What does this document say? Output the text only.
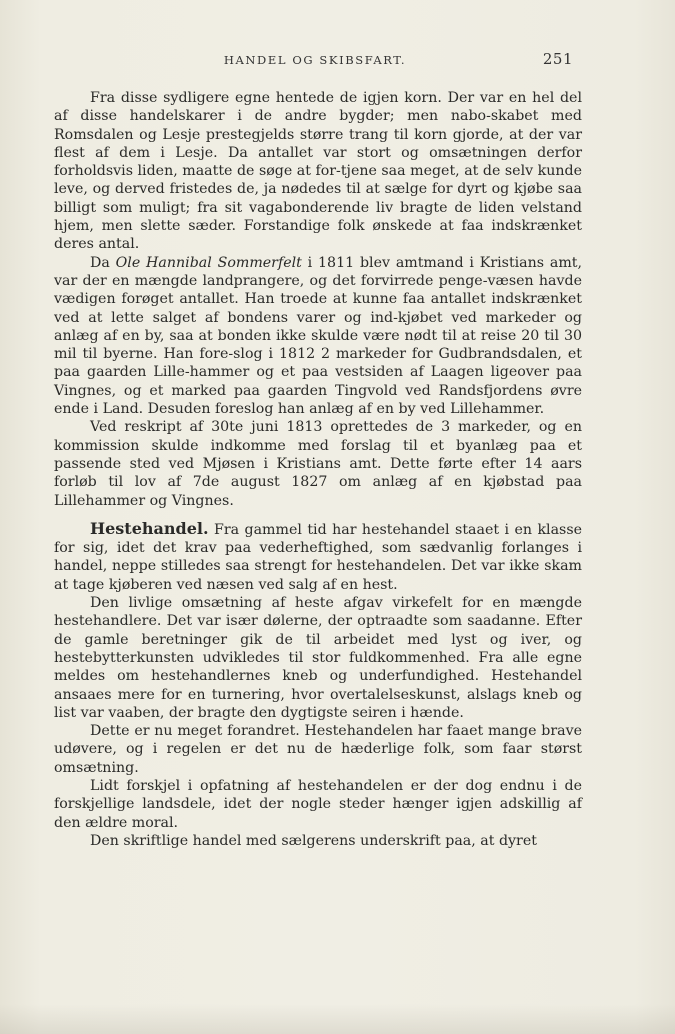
HANDEL OG SKIBSFART.	251

Fra disse sydligere egne hentede de igjen korn. Der var en hel del af disse handelskarer i de andre bygder; men nabo-skabet med Romsdalen og Lesje prestegjelds større trang til korn gjorde, at der var flest af dem i Lesje. Da antallet var stort og omsætningen derfor forholdsvis liden, maatte de søge at for-tjene saa meget, at de selv kunde leve, og derved fristedes de, ja nødedes til at sælge for dyrt og kjøbe saa billigt som muligt; fra sit vagabonderende liv bragte de liden velstand hjem, men slette sæder. Forstandige folk ønskede at faa indskrænket deres antal.

Da Ole Hannibal Sommerfelt i 1811 blev amtmand i Kristians amt, var der en mængde landprangere, og det forvirrede penge-væsen havde vædigen forøget antallet. Han troede at kunne faa antallet indskrænket ved at lette salget af bondens varer og ind-kjøbet ved markeder og anlæg af en by, saa at bonden ikke skulde være nødt til at reise 20 til 30 mil til byerne. Han fore-slog i 1812 2 markeder for Gudbrandsdalen, et paa gaarden Lille-hammer og et paa vestsiden af Laagen ligeover paa Vingnes, og et marked paa gaarden Tingvold ved Randsfjordens øvre ende i Land. Desuden foreslog han anlæg af en by ved Lillehammer.

Ved reskript af 30te juni 1813 oprettedes de 3 markeder, og en kommission skulde indkomme med forslag til et byanlæg paa et passende sted ved Mjøsen i Kristians amt. Dette førte efter 14 aars forløb til lov af 7de august 1827 om anlæg af en kjøbstad paa Lillehammer og Vingnes.

Hestehandel. Fra gammel tid har hestehandel staaet i en klasse for sig, idet det krav paa vederheftighed, som sædvanlig forlanges i handel, neppe stilledes saa strengt for hestehandelen. Det var ikke skam at tage kjøberen ved næsen ved salg af en hest.

Den livlige omsætning af heste afgav virkefelt for en mængde hestehandlere. Det var især dølerne, der optraadte som saadanne. Efter de gamle beretninger gik de til arbeidet med lyst og iver, og hestebytterkunsten udvikledes til stor fuldkommenhed. Fra alle egne meldes om hestehandlernes kneb og underfundighed. Hestehandel ansaaes mere for en turnering, hvor overtalelseskunst, alslags kneb og list var vaaben, der bragte den dygtigste seiren i hænde.

Dette er nu meget forandret. Hestehandelen har faaet mange brave udøvere, og i regelen er det nu de hæderlige folk, som faar størst omsætning.

Lidt forskjel i opfatning af hestehandelen er der dog endnu i de forskjellige landsdele, idet der nogle steder hænger igjen adskillig af den ældre moral.

Den skriftlige handel med sælgerens underskrift paa, at dyret
